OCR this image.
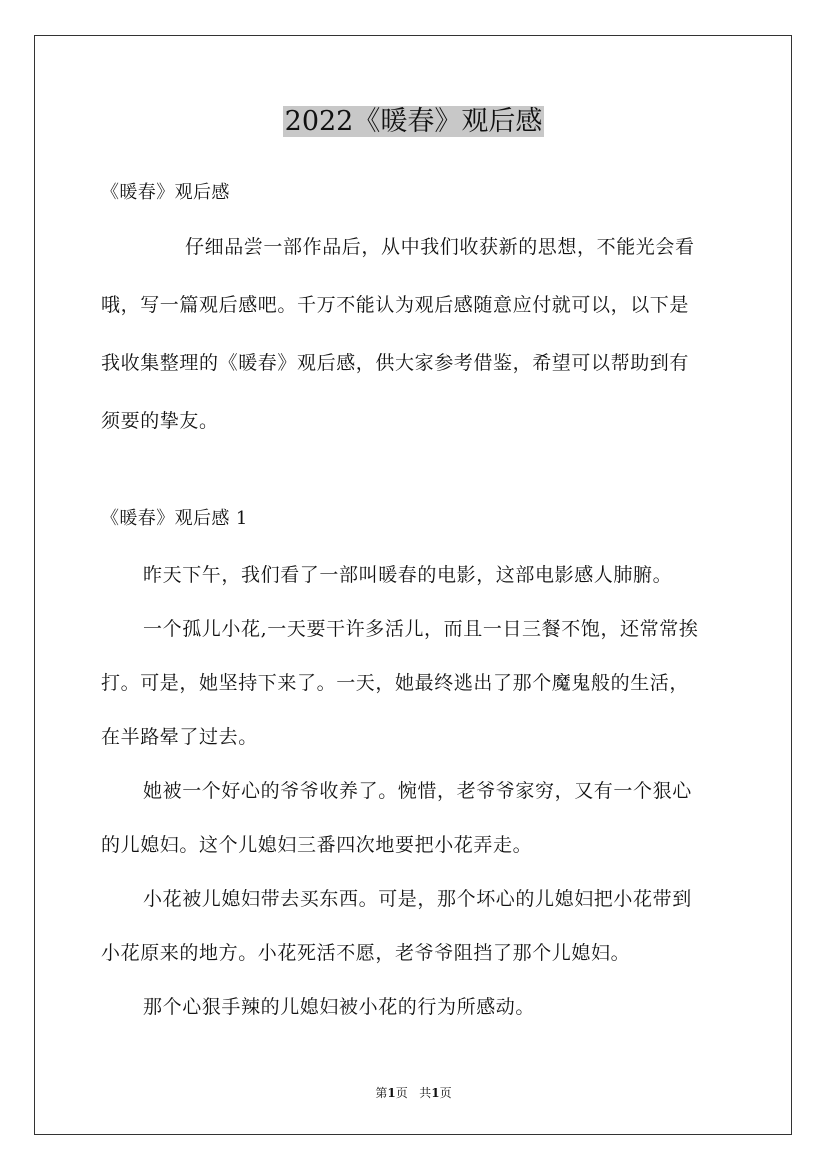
2022《暖春》观后感
《暖春》观后感
仔细品尝一部作品后，从中我们收获新的思想，不能光会看
哦，写一篇观后感吧。千万不能认为观后感随意应付就可以，以下是
我收集整理的《暖春》观后感，供大家参考借鉴，希望可以帮助到有
须要的挚友。
《暖春》观后感 1
昨天下午，我们看了一部叫暖春的电影，这部电影感人肺腑。
一个孤儿小花,一天要干许多活儿，而且一日三餐不饱，还常常挨
打。可是，她坚持下来了。一天，她最终逃出了那个魔鬼般的生活，
在半路晕了过去。
她被一个好心的爷爷收养了。惋惜，老爷爷家穷，又有一个狠心
的儿媳妇。这个儿媳妇三番四次地要把小花弄走。
小花被儿媳妇带去买东西。可是，那个坏心的儿媳妇把小花带到
小花原来的地方。小花死活不愿，老爷爷阻挡了那个儿媳妇。
那个心狠手辣的儿媳妇被小花的行为所感动。
第1页   共1页
